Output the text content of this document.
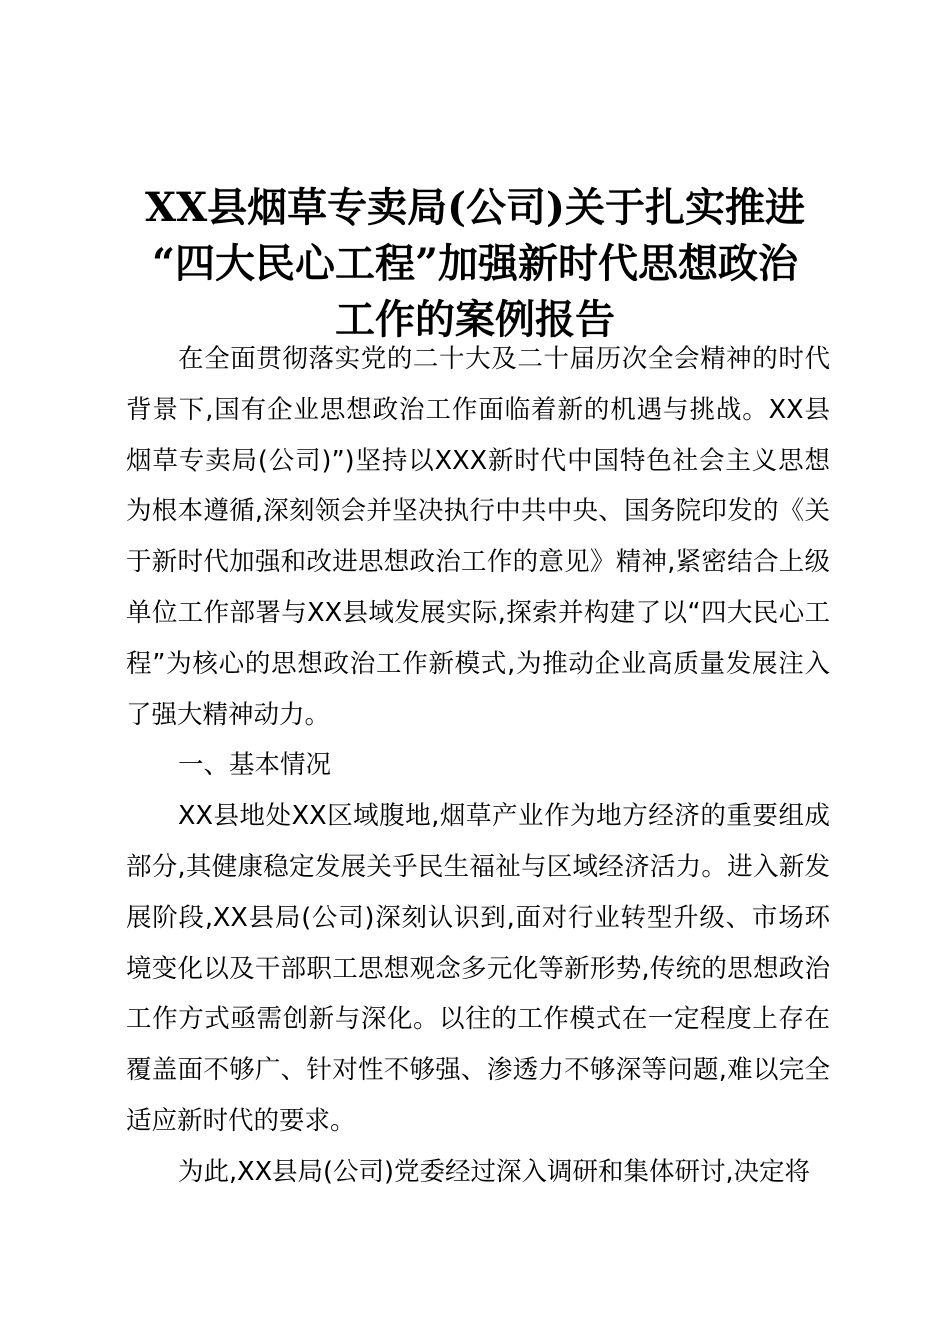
XX县烟草专卖局(公司)关于扎实推进
“四大民心工程”加强新时代思想政治
工作的案例报告

在全面贯彻落实党的二十大及二十届历次全会精神的时代背景下,国有企业思想政治工作面临着新的机遇与挑战。XX县烟草专卖局(公司)”)坚持以XXX新时代中国特色社会主义思想为根本遵循,深刻领会并坚决执行中共中央、国务院印发的《关于新时代加强和改进思想政治工作的意见》精神,紧密结合上级单位工作部署与XX县域发展实际,探索并构建了以“四大民心工程”为核心的思想政治工作新模式,为推动企业高质量发展注入了强大精神动力。

一、基本情况

XX县地处XX区域腹地,烟草产业作为地方经济的重要组成部分,其健康稳定发展关乎民生福祉与区域经济活力。进入新发展阶段,XX县局(公司)深刻认识到,面对行业转型升级、市场环境变化以及干部职工思想观念多元化等新形势,传统的思想政治工作方式亟需创新与深化。以往的工作模式在一定程度上存在覆盖面不够广、针对性不够强、渗透力不够深等问题,难以完全适应新时代的要求。

为此,XX县局(公司)党委经过深入调研和集体研讨,决定将
